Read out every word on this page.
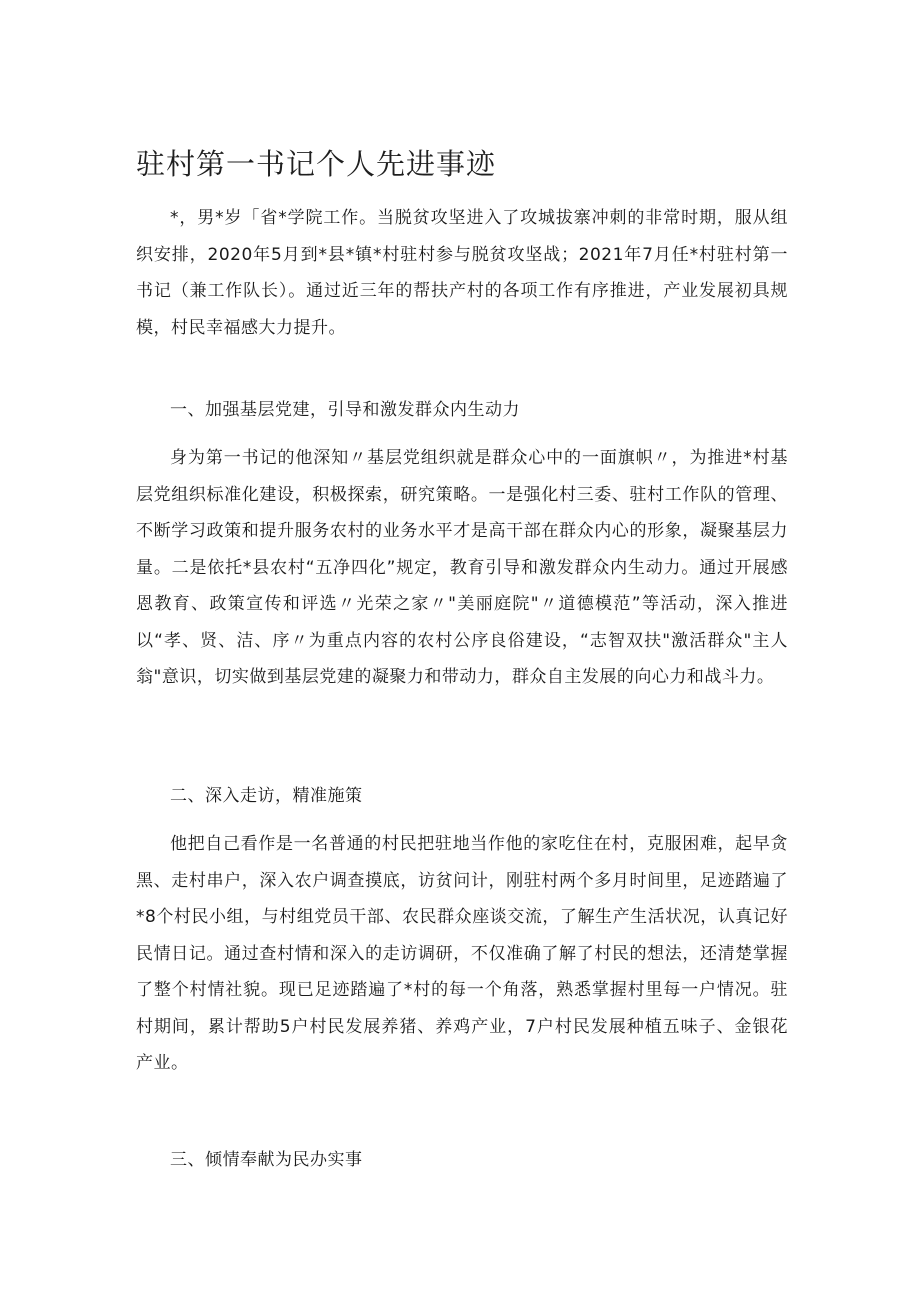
驻村第一书记个人先进事迹
*，男*岁「省*学院工作。当脱贫攻坚进入了攻城拔寨冲刺的非常时期，服从组织安排，2020年5月到*县*镇*村驻村参与脱贫攻坚战；2021年7月任*村驻村第一书记（兼工作队长）。通过近三年的帮扶产村的各项工作有序推进，产业发展初具规模，村民幸福感大力提升。
一、加强基层党建，引导和激发群众内生动力
身为第一书记的他深知〃基层党组织就是群众心中的一面旗帜〃，为推进*村基层党组织标准化建设，积极探索，研究策略。一是强化村三委、驻村工作队的管理、不断学习政策和提升服务农村的业务水平才是高干部在群众内心的形象，凝聚基层力量。二是依托*县农村“五净四化”规定，教育引导和激发群众内生动力。通过开展感恩教育、政策宣传和评选〃光荣之家〃"美丽庭院"〃道德模范”等活动，深入推进以“孝、贤、洁、序〃为重点内容的农村公序良俗建设，“志智双扶"激活群众"主人翁"意识，切实做到基层党建的凝聚力和带动力，群众自主发展的向心力和战斗力。
二、深入走访，精准施策
他把自己看作是一名普通的村民把驻地当作他的家吃住在村，克服困难，起早贪黑、走村串户，深入农户调查摸底，访贫问计，刚驻村两个多月时间里，足迹踏遍了*8个村民小组，与村组党员干部、农民群众座谈交流，了解生产生活状况，认真记好民情日记。通过查村情和深入的走访调研，不仅准确了解了村民的想法，还清楚掌握了整个村情社貌。现已足迹踏遍了*村的每一个角落，熟悉掌握村里每一户情况。驻村期间，累计帮助5户村民发展养猪、养鸡产业，7户村民发展种植五味子、金银花产业。
三、倾情奉献为民办实事
